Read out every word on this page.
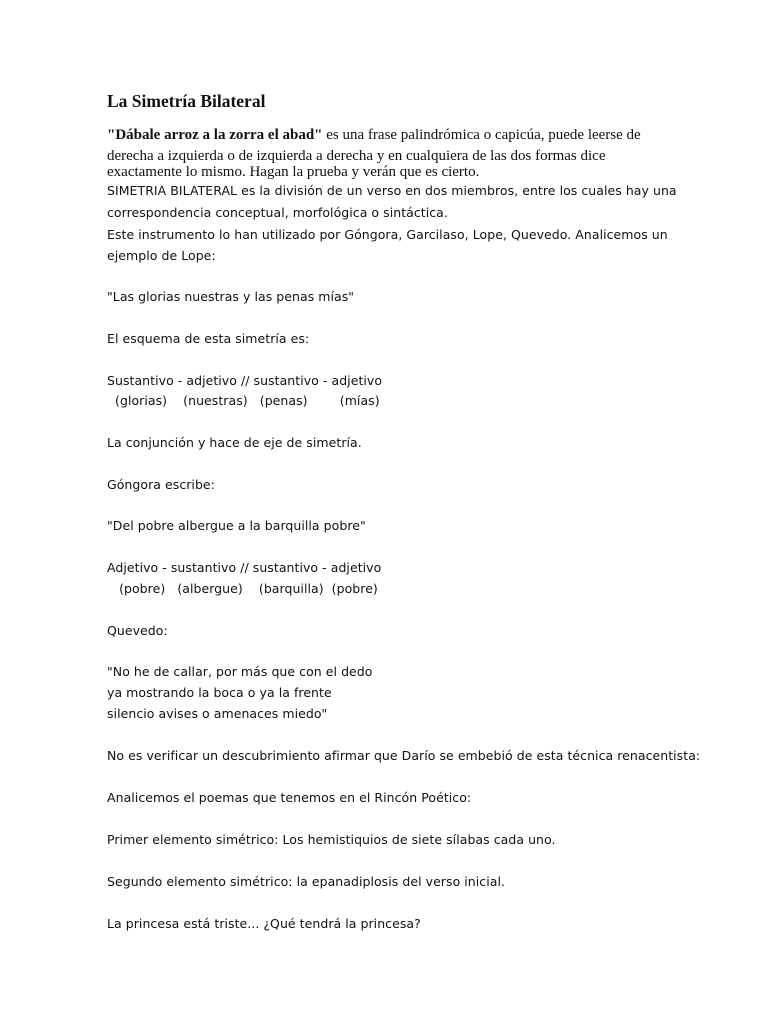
La Simetría Bilateral
"Dábale arroz a la zorra el abad" es una frase palindrómica o capicúa, puede leerse de
derecha a izquierda o de izquierda a derecha y en cualquiera de las dos formas dice
exactamente lo mismo. Hagan la prueba y verán que es cierto.
SIMETRIA BILATERAL es la división de un verso en dos miembros, entre los cuales hay una
correspondencia conceptual, morfológica o sintáctica.
Este instrumento lo han utilizado por Góngora, Garcilaso, Lope, Quevedo. Analicemos un
ejemplo de Lope:
"Las glorias nuestras y las penas mías"
El esquema de esta simetría es:
Sustantivo - adjetivo // sustantivo - adjetivo
(glorias)    (nuestras)   (penas)        (mías)
La conjunción y hace de eje de simetría.
Góngora escribe:
"Del pobre albergue a la barquilla pobre"
Adjetivo - sustantivo // sustantivo - adjetivo
(pobre)   (albergue)    (barquilla)  (pobre)
Quevedo:
"No he de callar, por más que con el dedo
ya mostrando la boca o ya la frente
silencio avises o amenaces miedo"
No es verificar un descubrimiento afirmar que Darío se embebió de esta técnica renacentista:
Analicemos el poemas que tenemos en el Rincón Poético:
Primer elemento simétrico: Los hemistiquios de siete sílabas cada uno.
Segundo elemento simétrico: la epanadiplosis del verso inicial.
La princesa está triste... ¿Qué tendrá la princesa?
